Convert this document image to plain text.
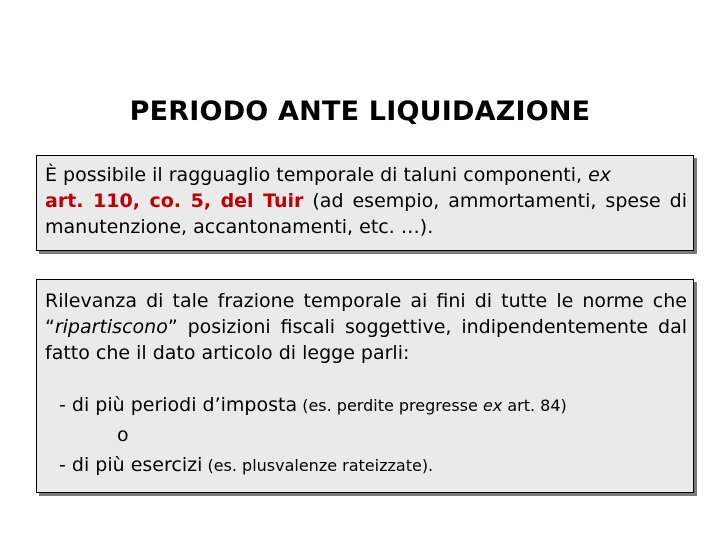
PERIODO ANTE LIQUIDAZIONE

È possibile il ragguaglio temporale di taluni componenti, ex
art. 110, co. 5, del Tuir (ad esempio, ammortamenti, spese di manutenzione, accantonamenti, etc. …).

Rilevanza di tale frazione temporale ai fini di tutte le norme che “ripartiscono” posizioni fiscali soggettive, indipendentemente dal fatto che il dato articolo di legge parli:

- di più periodi d’imposta (es. perdite pregresse ex art. 84)
o
- di più esercizi (es. plusvalenze rateizzate).
